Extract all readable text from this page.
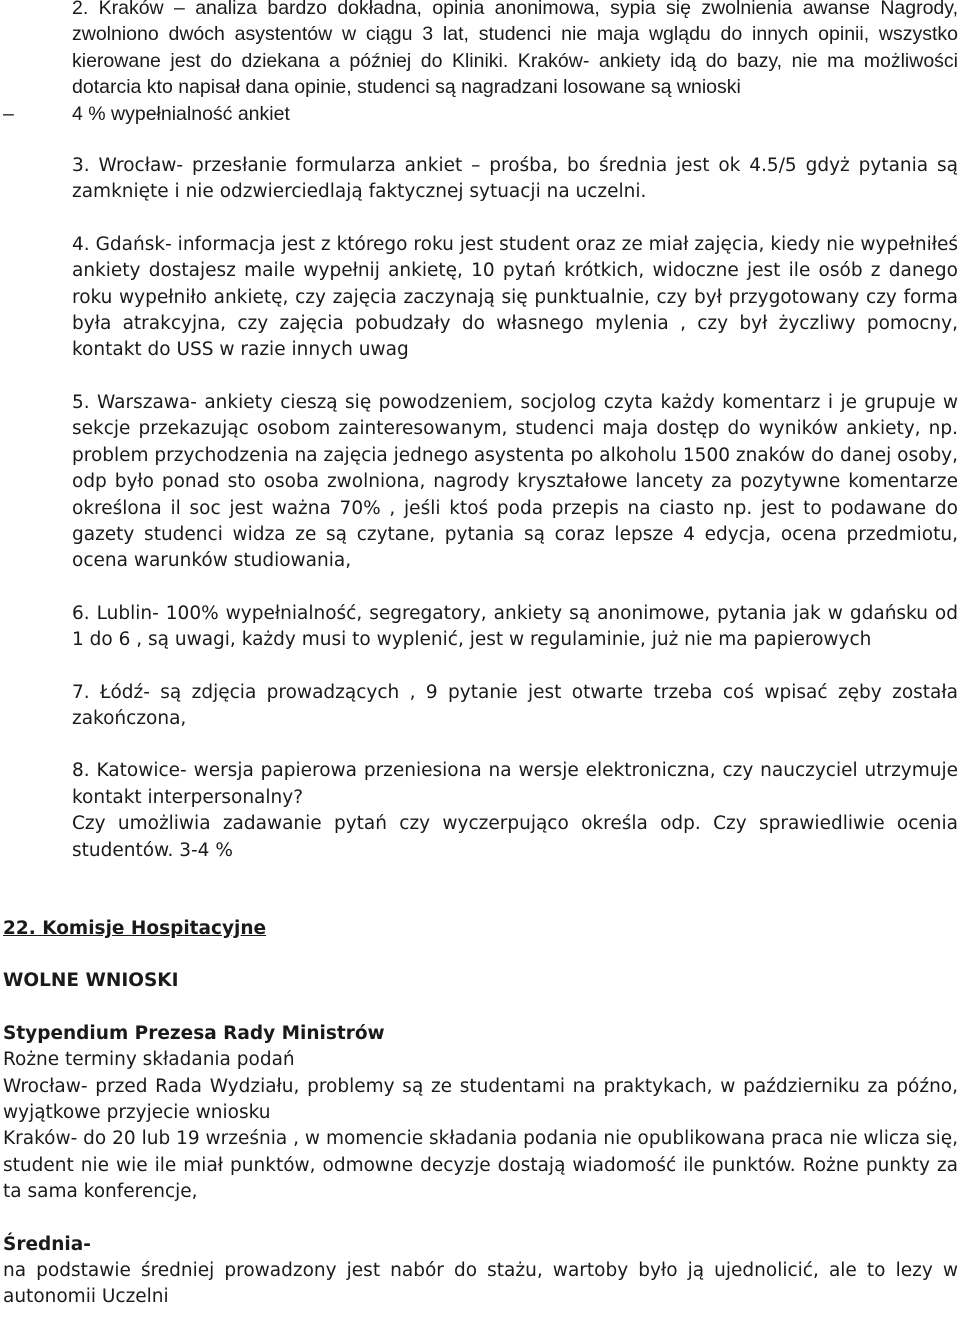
2. Kraków – analiza bardzo dokładna, opinia anonimowa, sypia się zwolnienia awanse Nagrody, zwolniono dwóch asystentów w ciągu 3 lat, studenci nie maja wglądu do innych opinii, wszystko kierowane jest do dziekana a później do Kliniki. Kraków- ankiety idą do bazy, nie ma możliwości dotarcia kto napisał dana opinie, studenci są nagradzani losowane są wnioski

–	4 % wypełnialność ankiet

3. Wrocław- przesłanie formularza ankiet – prośba, bo średnia jest ok 4.5/5 gdyż pytania są zamknięte i nie odzwierciedlają faktycznej sytuacji na uczelni.

4. Gdańsk- informacja jest z którego roku jest student oraz ze miał zajęcia, kiedy nie wypełniłeś ankiety dostajesz maile wypełnij ankietę, 10 pytań krótkich, widoczne jest ile osób z danego roku wypełniło ankietę, czy zajęcia zaczynają się punktualnie, czy był przygotowany czy forma była atrakcyjna, czy zajęcia pobudzały do własnego mylenia , czy był życzliwy pomocny, kontakt do USS w razie innych uwag

5. Warszawa- ankiety cieszą się powodzeniem, socjolog czyta każdy komentarz i je grupuje w sekcje przekazując osobom zainteresowanym, studenci maja dostęp do wyników ankiety, np. problem przychodzenia na zajęcia jednego asystenta po alkoholu 1500 znaków do danej osoby, odp było ponad sto osoba zwolniona, nagrody kryształowe lancety za pozytywne komentarze określona il soc jest ważna 70% , jeśli ktoś poda przepis na ciasto np. jest to podawane do gazety studenci widza ze są czytane, pytania są coraz lepsze 4 edycja, ocena przedmiotu, ocena warunków studiowania,

6. Lublin- 100% wypełnialność, segregatory, ankiety są anonimowe, pytania jak w gdańsku od 1 do 6 , są uwagi, każdy musi to wyplenić, jest w regulaminie, już nie ma papierowych

7. Łódź- są zdjęcia prowadzących , 9 pytanie jest otwarte trzeba coś wpisać zęby została zakończona,

8. Katowice- wersja papierowa przeniesiona na wersje elektroniczna, czy nauczyciel utrzymuje kontakt interpersonalny?

Czy umożliwia zadawanie pytań czy wyczerpująco określa odp. Czy sprawiedliwie ocenia studentów. 3-4 %

22. Komisje Hospitacyjne

WOLNE WNIOSKI

Stypendium Prezesa Rady Ministrów

Rożne terminy składania podań

Wrocław- przed Rada Wydziału, problemy są ze studentami na praktykach, w październiku za późno, wyjątkowe przyjecie wniosku

Kraków- do 20 lub 19 września , w momencie składania podania nie opublikowana praca nie wlicza się, student nie wie ile miał punktów, odmowne decyzje dostają wiadomość ile punktów. Rożne punkty za ta sama konferencje,

Średnia-

na podstawie średniej prowadzony jest nabór do stażu, wartoby było ją ujednolicić, ale to lezy w autonomii Uczelni
